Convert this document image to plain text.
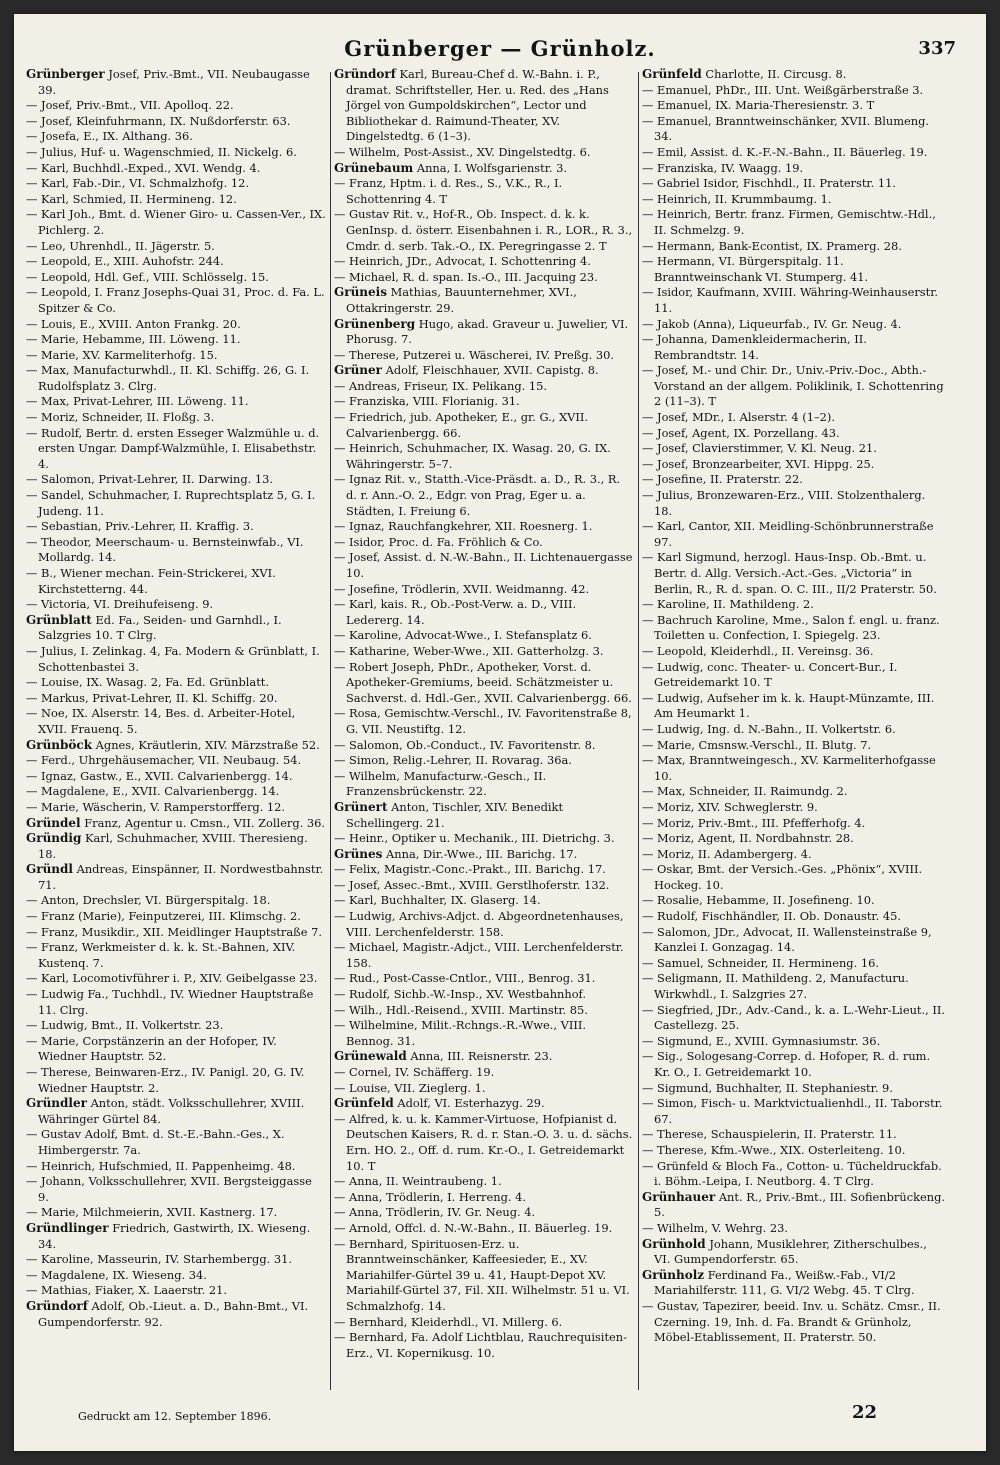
Grünberger — Grünholz.	337

Grünberger Josef, Priv.-Bmt., VII. Neubaugasse 39.

— Josef, Priv.-Bmt., VII. Apolloq. 22.

— Josef, Kleinfuhrmann, IX. Nußdorferstr. 63.

— Josefa, E., IX. Althang. 36.

— Julius, Huf- u. Wagenschmied, II. Nickelg. 6.

— Karl, Buchhdl.-Exped., XVI. Wendg. 4.

— Karl, Fab.-Dir., VI. Schmalzhofg. 12.

— Karl, Schmied, II. Hermineng. 12.

— Karl Joh., Bmt. d. Wiener Giro- u. Cassen-Ver., IX. Pichlerg. 2.

— Leo, Uhrenhdl., II. Jägerstr. 5.

— Leopold, E., XIII. Auhofstr. 244.

— Leopold, Hdl. Gef., VIII. Schlösselg. 15.

— Leopold, I. Franz Josephs-Quai 31, Proc. d. Fa. L. Spitzer & Co.

— Louis, E., XVIII. Anton Frankg. 20.

— Marie, Hebamme, III. Löweng. 11.

— Marie, XV. Karmeliterhofg. 15.

— Max, Manufacturwhdl., II. Kl. Schiffg. 26, G. I. Rudolfsplatz 3. Clrg.

— Max, Privat-Lehrer, III. Löweng. 11.

— Moriz, Schneider, II. Floßg. 3.

— Rudolf, Bertr. d. ersten Esseger Walzmühle u. d. ersten Ungar. Dampf-Walzmühle, I. Elisabethstr. 4.

— Salomon, Privat-Lehrer, II. Darwing. 13.

— Sandel, Schuhmacher, I. Ruprechtsplatz 5, G. I. Judeng. 11.

— Sebastian, Priv.-Lehrer, II. Kraffig. 3.

— Theodor, Meerschaum- u. Bernsteinwfab., VI. Mollardg. 14.

— B., Wiener mechan. Fein-Strickerei, XVI. Kirchstetterng. 44.

— Victoria, VI. Dreihufeiseng. 9.

Grünblatt Ed. Fa., Seiden- und Garnhdl., I. Salzgries 10. T Clrg.

— Julius, I. Zelinkag. 4, Fa. Modern & Grünblatt, I. Schottenbastei 3.

— Louise, IX. Wasag. 2, Fa. Ed. Grünblatt.

— Markus, Privat-Lehrer, II. Kl. Schiffg. 20.

— Noe, IX. Alserstr. 14, Bes. d. Arbeiter-Hotel, XVII. Frauenq. 5.

Grünböck Agnes, Kräutlerin, XIV. Märzstraße 52.

— Ferd., Uhrgehäusemacher, VII. Neubaug. 54.

— Ignaz, Gastw., E., XVII. Calvarienbergg. 14.

— Magdalene, E., XVII. Calvarienbergg. 14.

— Marie, Wäscherin, V. Ramperstorfferg. 12.

Gründel Franz, Agentur u. Cmsn., VII. Zollerg. 36.

Gründig Karl, Schuhmacher, XVIII. Theresieng. 18.

Gründl Andreas, Einspänner, II. Nordwestbahnstr. 71.

— Anton, Drechsler, VI. Bürgerspitalg. 18.

— Franz (Marie), Feinputzerei, III. Klimschg. 2.

— Franz, Musikdir., XII. Meidlinger Hauptstraße 7.

— Franz, Werkmeister d. k. k. St.-Bahnen, XIV. Kustenq. 7.

— Karl, Locomotivführer i. P., XIV. Geibelgasse 23.

— Ludwig Fa., Tuchhdl., IV. Wiedner Hauptstraße 11. Clrg.

— Ludwig, Bmt., II. Volkertstr. 23.

— Marie, Corpstänzerin an der Hofoper, IV. Wiedner Hauptstr. 52.

— Therese, Beinwaren-Erz., IV. Panigl. 20, G. IV. Wiedner Hauptstr. 2.

Gründler Anton, städt. Volksschullehrer, XVIII. Währinger Gürtel 84.

— Gustav Adolf, Bmt. d. St.-E.-Bahn.-Ges., X. Himbergerstr. 7a.

— Heinrich, Hufschmied, II. Pappenheimg. 48.

— Johann, Volksschullehrer, XVII. Bergsteiggasse 9.

— Marie, Milchmeierin, XVII. Kastnerg. 17.

Gründlinger Friedrich, Gastwirth, IX. Wieseng. 34.

— Karoline, Masseurin, IV. Starhembergg. 31.

— Magdalene, IX. Wieseng. 34.

— Mathias, Fiaker, X. Laaerstr. 21.

Gründorf Adolf, Ob.-Lieut. a. D., Bahn-Bmt., VI. Gumpendorferstr. 92.

Gründorf Karl, Bureau-Chef d. W.-Bahn. i. P., dramat. Schriftsteller, Her. u. Red. des „Hans Jörgel von Gumpoldskirchen“, Lector und Bibliothekar d. Raimund-Theater, XV. Dingelstedtg. 6 (1–3).

— Wilhelm, Post-Assist., XV. Dingelstedtg. 6.

Grünebaum Anna, I. Wolfsgarienstr. 3.

— Franz, Hptm. i. d. Res., S., V.K., R., I. Schottenring 4. T

— Gustav Rit. v., Hof-R., Ob. Inspect. d. k. k. GenInsp. d. österr. Eisenbahnen i. R., LOR., R. 3., Cmdr. d. serb. Tak.-O., IX. Peregringasse 2. T

— Heinrich, JDr., Advocat, I. Schottenring 4.

— Michael, R. d. span. Is.-O., III. Jacquing 23.

Grüneis Mathias, Bauunternehmer, XVI., Ottakringerstr. 29.

Grünenberg Hugo, akad. Graveur u. Juwelier, VI. Phorusg. 7.

— Therese, Putzerei u. Wäscherei, IV. Preßg. 30.

Grüner Adolf, Fleischhauer, XVII. Capistg. 8.

— Andreas, Friseur, IX. Pelikang. 15.

— Franziska, VIII. Florianig. 31.

— Friedrich, jub. Apotheker, E., gr. G., XVII. Calvarienbergg. 66.

— Heinrich, Schuhmacher, IX. Wasag. 20, G. IX. Währingerstr. 5–7.

— Ignaz Rit. v., Statth.-Vice-Präsdt. a. D., R. 3., R. d. r. Ann.-O. 2., Edgr. von Prag, Eger u. a. Städten, I. Freiung 6.

— Ignaz, Rauchfangkehrer, XII. Roesnerg. 1.

— Isidor, Proc. d. Fa. Fröhlich & Co.

— Josef, Assist. d. N.-W.-Bahn., II. Lichtenauergasse 10.

— Josefine, Trödlerin, XVII. Weidmanng. 42.

— Karl, kais. R., Ob.-Post-Verw. a. D., VIII. Ledererg. 14.

— Karoline, Advocat-Wwe., I. Stefansplatz 6.

— Katharine, Weber-Wwe., XII. Gatterholzg. 3.

— Robert Joseph, PhDr., Apotheker, Vorst. d. Apotheker-Gremiums, beeid. Schätzmeister u. Sachverst. d. Hdl.-Ger., XVII. Calvarienbergg. 66.

— Rosa, Gemischtw.-Verschl., IV. Favoritenstraße 8, G. VII. Neustiftg. 12.

— Salomon, Ob.-Conduct., IV. Favoritenstr. 8.

— Simon, Relig.-Lehrer, II. Rovarag. 36a.

— Wilhelm, Manufacturw.-Gesch., II. Franzensbrückenstr. 22.

Grünert Anton, Tischler, XIV. Benedikt Schellingerg. 21.

— Heinr., Optiker u. Mechanik., III. Dietrichg. 3.

Grünes Anna, Dir.-Wwe., III. Barichg. 17.

— Felix, Magistr.-Conc.-Prakt., III. Barichg. 17.

— Josef, Assec.-Bmt., XVIII. Gerstlhoferstr. 132.

— Karl, Buchhalter, IX. Glaserg. 14.

— Ludwig, Archivs-Adjct. d. Abgeordnetenhauses, VIII. Lerchenfelderstr. 158.

— Michael, Magistr.-Adjct., VIII. Lerchenfelderstr. 158.

— Rud., Post-Casse-Cntlor., VIII., Benrog. 31.

— Rudolf, Sichb.-W.-Insp., XV. Westbahnhof.

— Wilh., Hdl.-Reisend., XVIII. Martinstr. 85.

— Wilhelmine, Milit.-Rchngs.-R.-Wwe., VIII. Bennog. 31.

Grünewald Anna, III. Reisnerstr. 23.

— Cornel, IV. Schäfferg. 19.

— Louise, VII. Zieglerg. 1.

Grünfeld Adolf, VI. Esterhazyg. 29.

— Alfred, k. u. k. Kammer-Virtuose, Hofpianist d. Deutschen Kaisers, R. d. r. Stan.-O. 3. u. d. sächs. Ern. HO. 2., Off. d. rum. Kr.-O., I. Getreidemarkt 10. T

— Anna, II. Weintraubeng. 1.

— Anna, Trödlerin, I. Herreng. 4.

— Anna, Trödlerin, IV. Gr. Neug. 4.

— Arnold, Offcl. d. N.-W.-Bahn., II. Bäuerleg. 19.

— Bernhard, Spirituosen-Erz. u. Branntweinschänker, Kaffeesieder, E., XV. Mariahilfer-Gürtel 39 u. 41, Haupt-Depot XV. Mariahilf-Gürtel 37, Fil. XII. Wilhelmstr. 51 u. VI. Schmalzhofg. 14.

— Bernhard, Kleiderhdl., VI. Millerg. 6.

— Bernhard, Fa. Adolf Lichtblau, Rauchrequisiten-Erz., VI. Kopernikusg. 10.

Grünfeld Charlotte, II. Circusg. 8.

— Emanuel, PhDr., III. Unt. Weißgärberstraße 3.

— Emanuel, IX. Maria-Theresienstr. 3. T

— Emanuel, Branntweinschänker, XVII. Blumeng. 34.

— Emil, Assist. d. K.-F.-N.-Bahn., II. Bäuerleg. 19.

— Franziska, IV. Waagg. 19.

— Gabriel Isidor, Fischhdl., II. Praterstr. 11.

— Heinrich, II. Krummbaumg. 1.

— Heinrich, Bertr. franz. Firmen, Gemischtw.-Hdl., II. Schmelzg. 9.

— Hermann, Bank-Econtist, IX. Pramerg. 28.

— Hermann, VI. Bürgerspitalg. 11. Branntweinschank VI. Stumperg. 41.

— Isidor, Kaufmann, XVIII. Währing-Weinhauserstr. 11.

— Jakob (Anna), Liqueurfab., IV. Gr. Neug. 4.

— Johanna, Damenkleidermacherin, II. Rembrandtstr. 14.

— Josef, M.- und Chir. Dr., Univ.-Priv.-Doc., Abth.-Vorstand an der allgem. Poliklinik, I. Schottenring 2 (11–3). T

— Josef, MDr., I. Alserstr. 4 (1–2).

— Josef, Agent, IX. Porzellang. 43.

— Josef, Clavierstimmer, V. Kl. Neug. 21.

— Josef, Bronzearbeiter, XVI. Hippg. 25.

— Josefine, II. Praterstr. 22.

— Julius, Bronzewaren-Erz., VIII. Stolzenthalerg. 18.

— Karl, Cantor, XII. Meidling-Schönbrunnerstraße 97.

— Karl Sigmund, herzogl. Haus-Insp. Ob.-Bmt. u. Bertr. d. Allg. Versich.-Act.-Ges. „Victoria“ in Berlin, R., R. d. span. O. C. III., II/2 Praterstr. 50.

— Karoline, II. Mathildeng. 2.

— Bachruch Karoline, Mme., Salon f. engl. u. franz. Toiletten u. Confection, I. Spiegelg. 23.

— Leopold, Kleiderhdl., II. Vereinsg. 36.

— Ludwig, conc. Theater- u. Concert-Bur., I. Getreidemarkt 10. T

— Ludwig, Aufseher im k. k. Haupt-Münzamte, III. Am Heumarkt 1.

— Ludwig, Ing. d. N.-Bahn., II. Volkertstr. 6.

— Marie, Cmsnsw.-Verschl., II. Blutg. 7.

— Max, Branntweingesch., XV. Karmeliterhofgasse 10.

— Max, Schneider, II. Raimundg. 2.

— Moriz, XIV. Schweglerstr. 9.

— Moriz, Priv.-Bmt., III. Pfefferhofg. 4.

— Moriz, Agent, II. Nordbahnstr. 28.

— Moriz, II. Adambergerg. 4.

— Oskar, Bmt. der Versich.-Ges. „Phönix“, XVIII. Hockeg. 10.

— Rosalie, Hebamme, II. Josefineng. 10.

— Rudolf, Fischhändler, II. Ob. Donaustr. 45.

— Salomon, JDr., Advocat, II. Wallensteinstraße 9, Kanzlei I. Gonzagag. 14.

— Samuel, Schneider, II. Hermineng. 16.

— Seligmann, II. Mathildeng. 2, Manufacturu. Wirkwhdl., I. Salzgries 27.

— Siegfried, JDr., Adv.-Cand., k. a. L.-Wehr-Lieut., II. Castellezg. 25.

— Sigmund, E., XVIII. Gymnasiumstr. 36.

— Sig., Sologesang-Correp. d. Hofoper, R. d. rum. Kr. O., I. Getreidemarkt 10.

— Sigmund, Buchhalter, II. Stephaniestr. 9.

— Simon, Fisch- u. Marktvictualienhdl., II. Taborstr. 67.

— Therese, Schauspielerin, II. Praterstr. 11.

— Therese, Kfm.-Wwe., XIX. Osterleiteng. 10.

— Grünfeld & Bloch Fa., Cotton- u. Tücheldruckfab. i. Böhm.-Leipa, I. Neutborg. 4. T Clrg.

Grünhauer Ant. R., Priv.-Bmt., III. Sofienbrückeng. 5.

— Wilhelm, V. Wehrg. 23.

Grünhold Johann, Musiklehrer, Zitherschulbes., VI. Gumpendorferstr. 65.

Grünholz Ferdinand Fa., Weißw.-Fab., VI/2 Mariahilferstr. 111, G. VI/2 Webg. 45. T Clrg.

— Gustav, Tapezirer, beeid. Inv. u. Schätz. Cmsr., II. Czerning. 19, Inh. d. Fa. Brandt & Grünholz, Möbel-Etablissement, II. Praterstr. 50.

Gedruckt am 12. September 1896.	22
